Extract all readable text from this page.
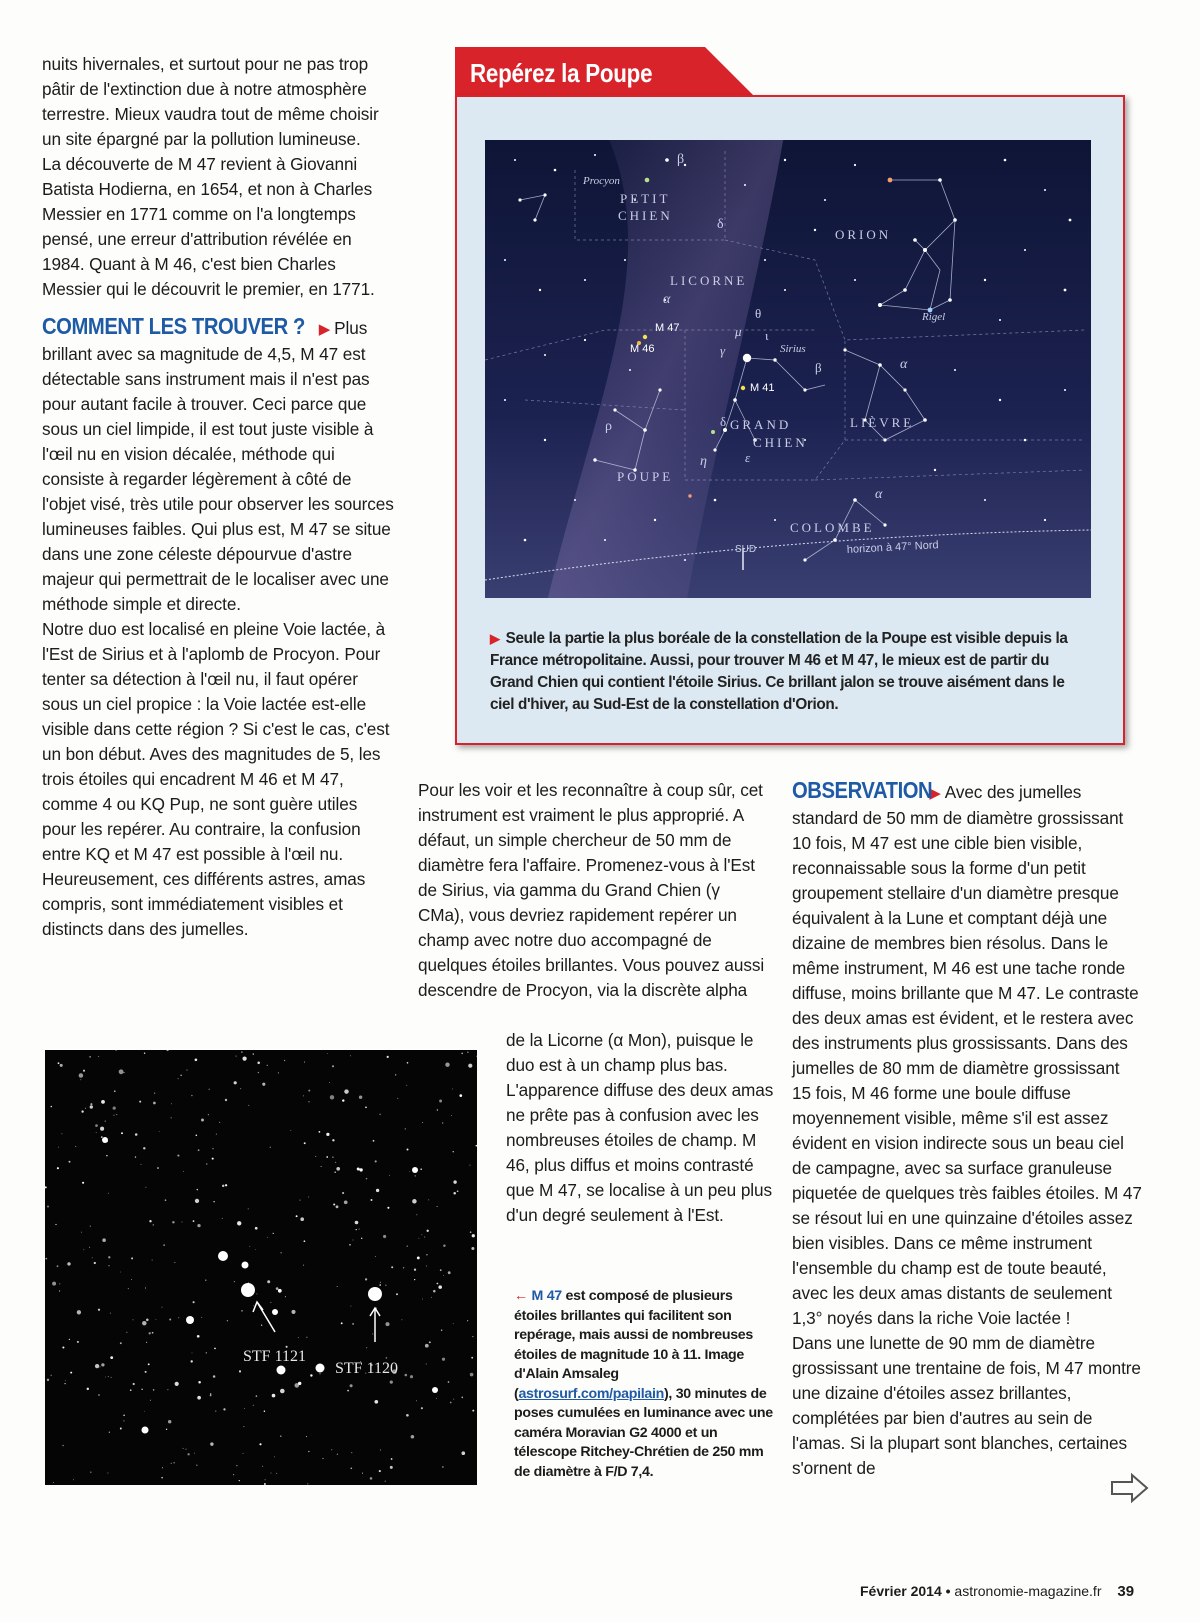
nuits hivernales, et surtout pour ne pas trop pâtir de l'extinction due à notre atmosphère terrestre. Mieux vaudra tout de même choisir un site épargné par la pollution lumineuse.

La découverte de M 47 revient à Giovanni Batista Hodierna, en 1654, et non à Charles Messier en 1771 comme on l'a longtemps pensé, une erreur d'attribution révélée en 1984. Quant à M 46, c'est bien Charles Messier qui le découvrit le premier, en 1771.

COMMENT LES TROUVER ? ▶ Plus brillant avec sa magnitude de 4,5, M 47 est détectable sans instrument mais il n'est pas pour autant facile à trouver. Ceci parce que sous un ciel limpide, il est tout juste visible à l'œil nu en vision décalée, méthode qui consiste à regarder légèrement à côté de l'objet visé, très utile pour observer les sources lumineuses faibles. Qui plus est, M 47 se situe dans une zone céleste dépourvue d'astre majeur qui permettrait de le localiser avec une méthode simple et directe.

Notre duo est localisé en pleine Voie lactée, à l'Est de Sirius et à l'aplomb de Procyon. Pour tenter sa détection à l'œil nu, il faut opérer sous un ciel propice : la Voie lactée est-elle visible dans cette région ? Si c'est le cas, c'est un bon début. Aves des magnitudes de 5, les trois étoiles qui encadrent M 46 et M 47, comme 4 ou KQ Pup, ne sont guère utiles pour les repérer. Au contraire, la confusion entre KQ et M 47 est possible à l'œil nu. Heureusement, ces différents astres, amas compris, sont immédiatement visibles et distincts dans des jumelles.

Repérez la Poupe
Procyon
PETIT
CHIEN
ORION
LICORNE
Rigel
M 47
M 46	Sirius
M 41
GRAND
CHIEN
LIÈVRE
POUPE
COLOMBE
SUD	horizon à 47° Nord
β
δ
α
θ
μ
γ
ι
β	α
ρ	δ
η	ε
α
▶ Seule la partie la plus boréale de la constellation de la Poupe est visible depuis la France métropolitaine. Aussi, pour trouver M 46 et M 47, le mieux est de partir du Grand Chien qui contient l'étoile Sirius. Ce brillant jalon se trouve aisément dans le ciel d'hiver, au Sud-Est de la constellation d'Orion.

Pour les voir et les reconnaître à coup sûr, cet instrument est vraiment le plus approprié. A défaut, un simple chercheur de 50 mm de diamètre fera l'affaire. Promenez-vous à l'Est de Sirius, via gamma du Grand Chien (γ CMa), vous devriez rapidement repérer un champ avec notre duo accompagné de quelques étoiles brillantes. Vous pouvez aussi descendre de Procyon, via la discrète alpha

de la Licorne (α Mon), puisque le duo est à un champ plus bas. L'apparence diffuse des deux amas ne prête pas à confusion avec les nombreuses étoiles de champ. M 46, plus diffus et moins contrasté que M 47, se localise à un peu plus d'un degré seulement à l'Est.

STF 1121
STF 1120
← M 47 est composé de plusieurs étoiles brillantes qui facilitent son repérage, mais aussi de nombreuses étoiles de magnitude 10 à 11. Image d'Alain Amsaleg (astrosurf.com/papilain), 30 minutes de poses cumulées en luminance avec une caméra Moravian G2 4000 et un télescope Ritchey-Chrétien de 250 mm de diamètre à F/D 7,4.

OBSERVATION▶ Avec des jumelles standard de 50 mm de diamètre grossissant 10 fois, M 47 est une cible bien visible, reconnaissable sous la forme d'un petit groupement stellaire d'un diamètre presque équivalent à la Lune et comptant déjà une dizaine de membres bien résolus. Dans le même instrument, M 46 est une tache ronde diffuse, moins brillante que M 47. Le contraste des deux amas est évident, et le restera avec des instruments plus grossissants. Dans des jumelles de 80 mm de diamètre grossissant 15 fois, M 46 forme une boule diffuse moyennement visible, même s'il est assez évident en vision indirecte sous un beau ciel de campagne, avec sa surface granuleuse piquetée de quelques très faibles étoiles. M 47 se résout lui en une quinzaine d'étoiles assez bien visibles. Dans ce même instrument l'ensemble du champ est de toute beauté, avec les deux amas distants de seulement 1,3° noyés dans la riche Voie lactée !

Dans une lunette de 90 mm de diamètre grossissant une trentaine de fois, M 47 montre une dizaine d'étoiles assez brillantes, complétées par bien d'autres au sein de l'amas. Si la plupart sont blanches, certaines s'ornent de

Février 2014 • astronomie-magazine.fr 39
